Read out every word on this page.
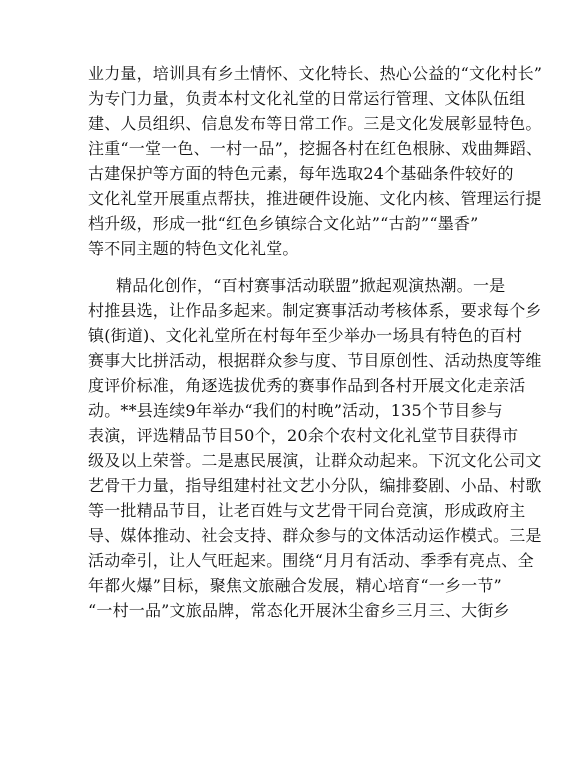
业力量，培训具有乡土情怀、文化特长、热心公益的“文化村长”
为专门力量，负责本村文化礼堂的日常运行管理、文体队伍组
建、人员组织、信息发布等日常工作。三是文化发展彰显特色。
注重“一堂一色、一村一品”，挖掘各村在红色根脉、戏曲舞蹈、
古建保护等方面的特色元素，每年选取24个基础条件较好的
文化礼堂开展重点帮扶，推进硬件设施、文化内核、管理运行提
档升级，形成一批“红色乡镇综合文化站”“古韵”“墨香”
等不同主题的特色文化礼堂。
精品化创作，“百村赛事活动联盟”掀起观演热潮。一是
村推县选，让作品多起来。制定赛事活动考核体系，要求每个乡
镇(街道)、文化礼堂所在村每年至少举办一场具有特色的百村
赛事大比拼活动，根据群众参与度、节目原创性、活动热度等维
度评价标准，角逐选拔优秀的赛事作品到各村开展文化走亲活
动。**县连续9年举办“我们的村晚”活动，135个节目参与
表演，评选精品节目50个，20余个农村文化礼堂节目获得市
级及以上荣誉。二是惠民展演，让群众动起来。下沉文化公司文
艺骨干力量，指导组建村社文艺小分队，编排婺剧、小品、村歌
等一批精品节目，让老百姓与文艺骨干同台竞演，形成政府主
导、媒体推动、社会支持、群众参与的文体活动运作模式。三是
活动牵引，让人气旺起来。围绕“月月有活动、季季有亮点、全
年都火爆”目标，聚焦文旅融合发展，精心培育“一乡一节”
“一村一品”文旅品牌，常态化开展沐尘畲乡三月三、大街乡
